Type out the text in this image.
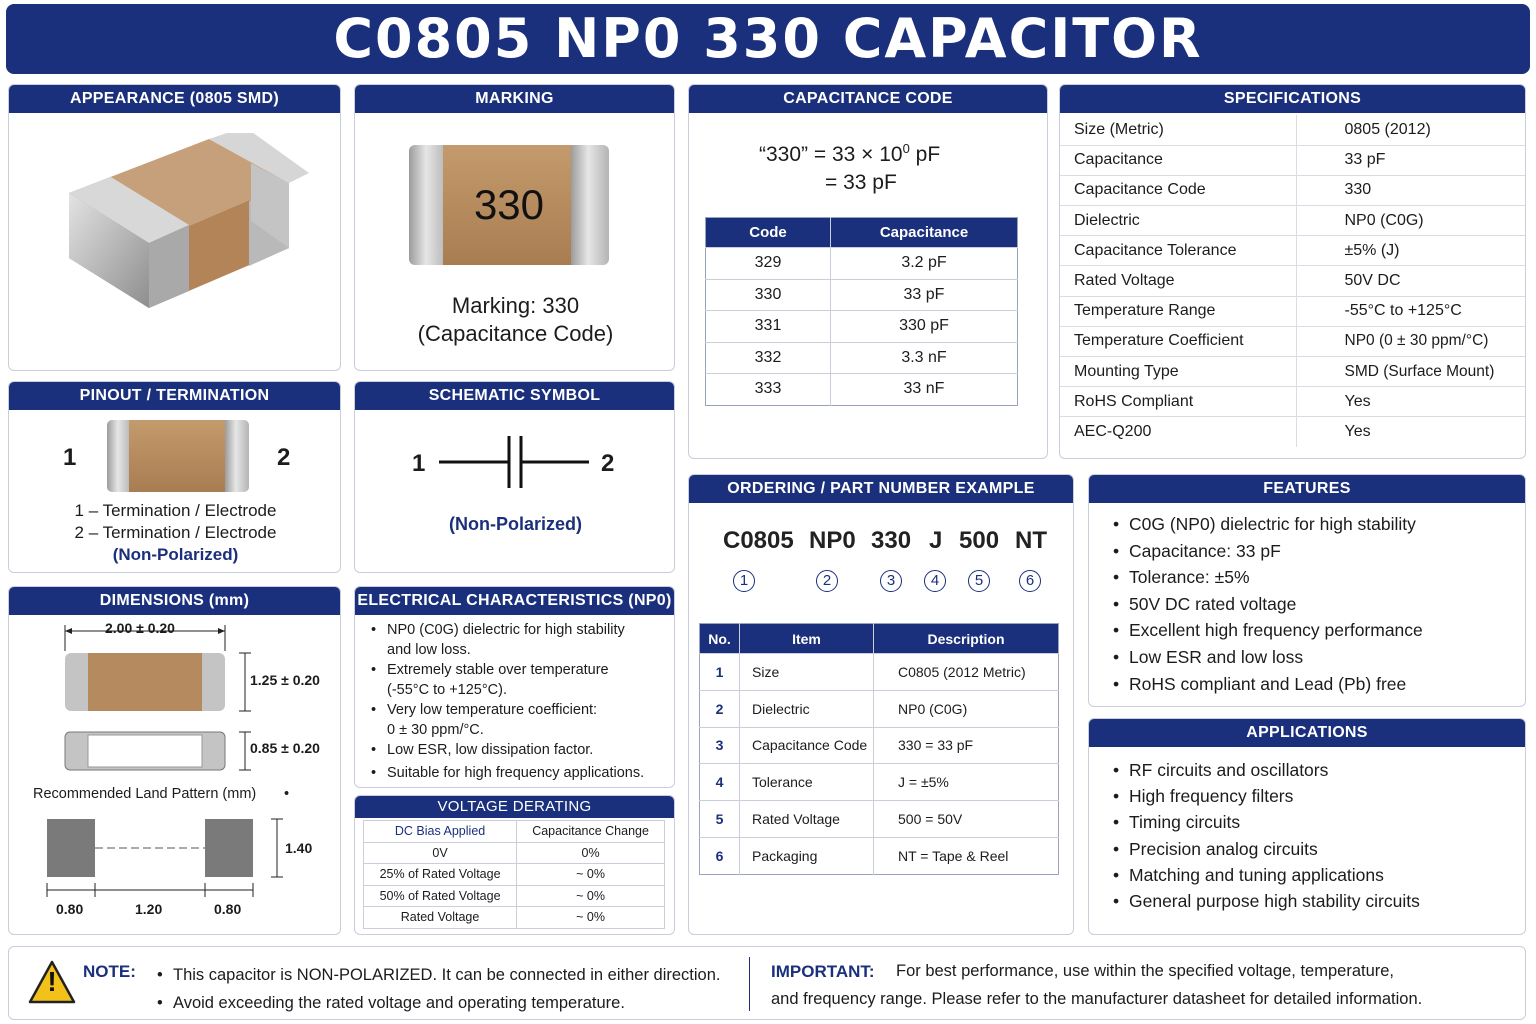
C0805 NP0 330 CAPACITOR
APPEARANCE (0805 SMD)	MARKING
330
Marking: 330
(Capacitance Code)
CAPACITANCE CODE
“330” = $33 \times 10^0$ pF
= 33 pF
Code	Capacitance
329	3.2 pF
330	33 pF
331	330 pF
332	3.3 nF
333	33 nF
SPECIFICATIONS
Size (Metric)	0805 (2012)
Capacitance	33 pF
Capacitance Code	330
Dielectric	NP0 (C0G)
Capacitance Tolerance	±5% (J)
Rated Voltage	50V DC
Temperature Range	-55°C to +125°C
Temperature Coefficient	NP0 (0 ± 30 ppm/°C)
Mounting Type	SMD (Surface Mount)
RoHS Compliant	Yes
AEC-Q200	Yes
PINOUT / TERMINATION
1	2
1 – Termination / Electrode
2 – Termination / Electrode
(Non-Polarized)
SCHEMATIC SYMBOL
1	2
(Non-Polarized)
ORDERING / PART NUMBER EXAMPLE
C0805 NP0 330 J 500 NT
1	2	3	4	5	6
No.	Item	Description
1	Size	C0805 (2012 Metric)
2	Dielectric	NP0 (C0G)
3	Capacitance Code	330 = 33 pF
4	Tolerance	J = ±5%
5	Rated Voltage	500 = 50V
6	Packaging	NT = Tape & Reel
FEATURES
• C0G (NP0) dielectric for high stability
• Capacitance: 33 pF
• Tolerance: ±5%
• 50V DC rated voltage
• Excellent high frequency performance
• Low ESR and low loss
• RoHS compliant and Lead (Pb) free
DIMENSIONS (mm)
2.00 ± 0.20
1.25 ± 0.20
0.85 ± 0.20
Recommended Land Pattern (mm) •
1.40
0.80	1.20	0.80
ELECTRICAL CHARACTERISTICS (NP0)
• NP0 (C0G) dielectric for high stability
and low loss.
• Extremely stable over temperature
(-55°C to +125°C).
• Very low temperature coefficient:
0 ± 30 ppm/°C.
• Low ESR, low dissipation factor.
• Suitable for high frequency applications.
VOLTAGE DERATING
DC Bias Applied	Capacitance Change
0V	0%
25% of Rated Voltage	~ 0%
50% of Rated Voltage	~ 0%
Rated Voltage	~ 0%
APPLICATIONS
• RF circuits and oscillators
• High frequency filters
• Timing circuits
• Precision analog circuits
• Matching and tuning applications
• General purpose high stability circuits
! NOTE:	• This capacitor is NON-POLARIZED. It can be connected in either direction.
• Avoid exceeding the rated voltage and operating temperature.
IMPORTANT: For best performance, use within the specified voltage, temperature,
and frequency range. Please refer to the manufacturer datasheet for detailed information.
